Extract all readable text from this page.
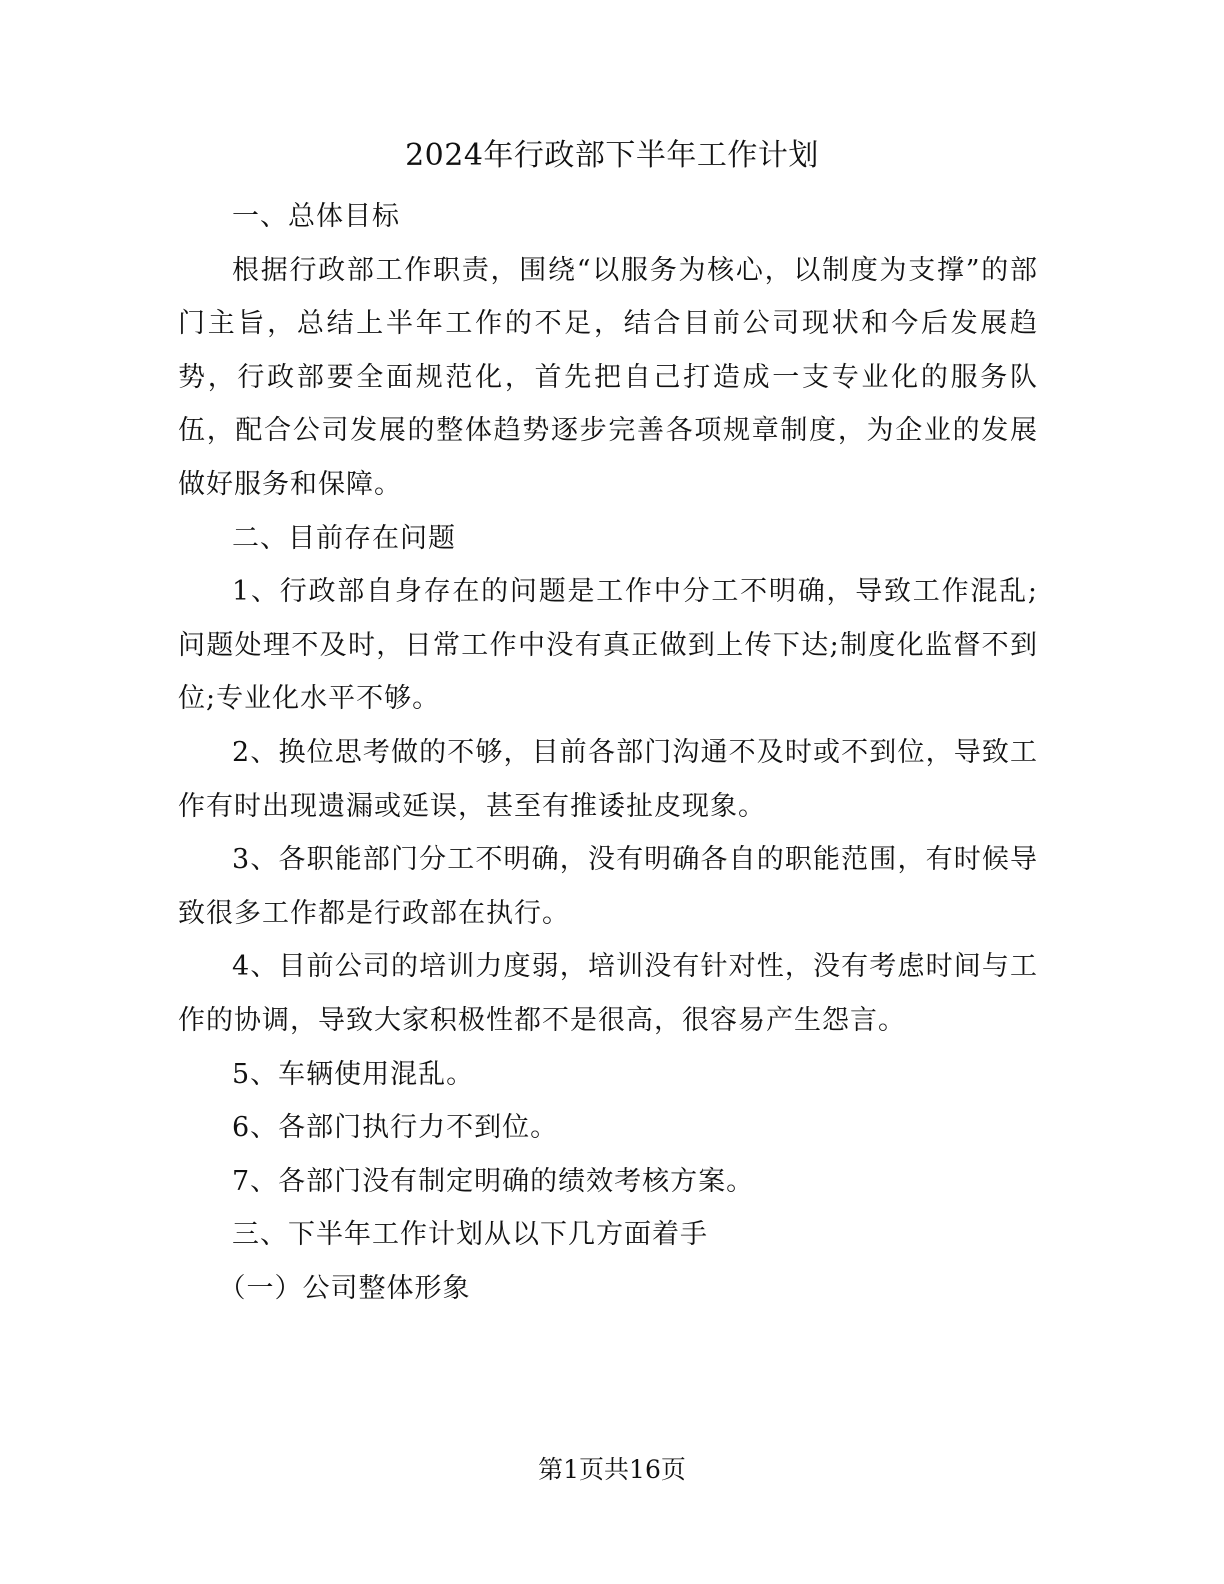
2024年行政部下半年工作计划

一、总体目标

根据行政部工作职责，围绕“以服务为核心，以制度为支撑”的部门主旨，总结上半年工作的不足，结合目前公司现状和今后发展趋势，行政部要全面规范化，首先把自己打造成一支专业化的服务队伍，配合公司发展的整体趋势逐步完善各项规章制度，为企业的发展做好服务和保障。

二、目前存在问题

1、行政部自身存在的问题是工作中分工不明确，导致工作混乱;问题处理不及时，日常工作中没有真正做到上传下达;制度化监督不到位;专业化水平不够。

2、换位思考做的不够，目前各部门沟通不及时或不到位，导致工作有时出现遗漏或延误，甚至有推诿扯皮现象。

3、各职能部门分工不明确，没有明确各自的职能范围，有时候导致很多工作都是行政部在执行。

4、目前公司的培训力度弱，培训没有针对性，没有考虑时间与工作的协调，导致大家积极性都不是很高，很容易产生怨言。

5、车辆使用混乱。

6、各部门执行力不到位。

7、各部门没有制定明确的绩效考核方案。

三、下半年工作计划从以下几方面着手

（一）公司整体形象

第1页共16页
